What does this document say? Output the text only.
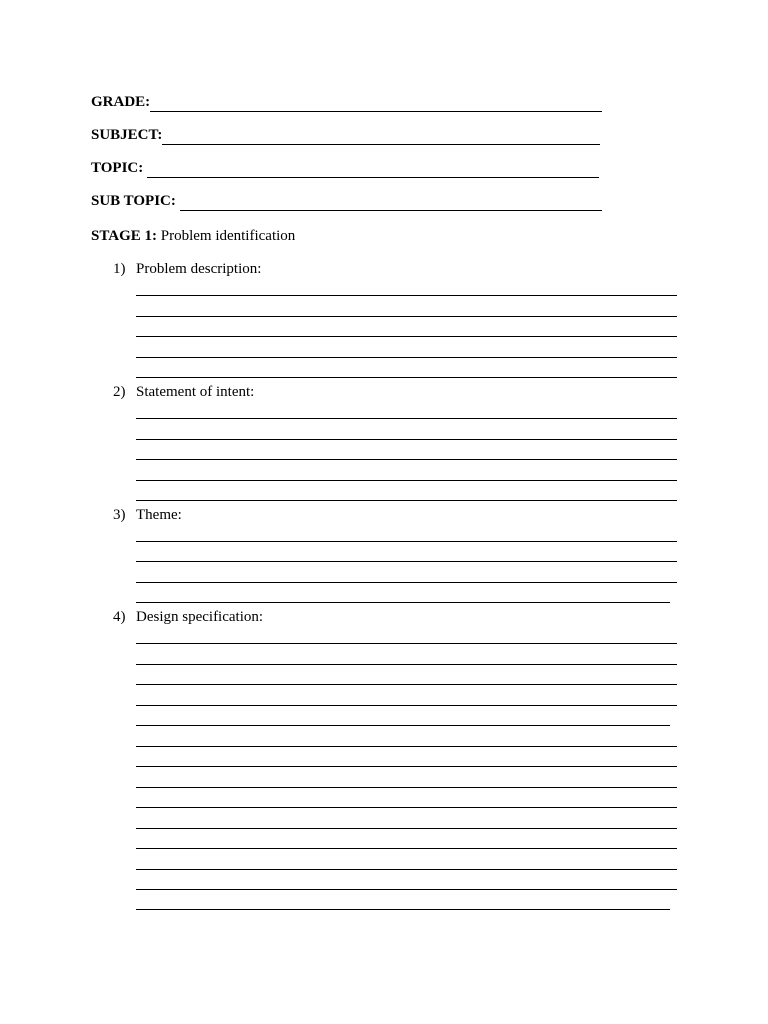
GRADE:
SUBJECT:
TOPIC:
SUB TOPIC:
STAGE 1: Problem identification
1) Problem description:
2) Statement of intent:
3) Theme:
4) Design specification:
